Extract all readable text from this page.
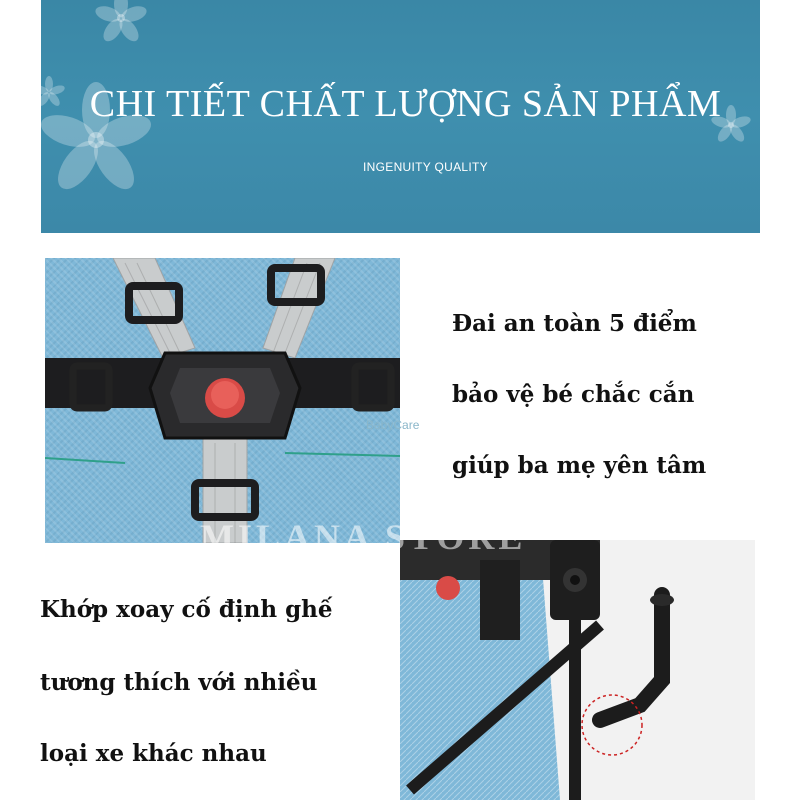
CHI TIẾT CHẤT LƯỢNG SẢN PHẨM
INGENUITY QUALITY
BabyCare
Đai an toàn 5 điểm
bảo vệ bé chắc cắn
giúp ba mẹ yên tâm
Khớp xoay cố định ghế
tương thích với nhiều
loại xe khác nhau
MILANA STORE
